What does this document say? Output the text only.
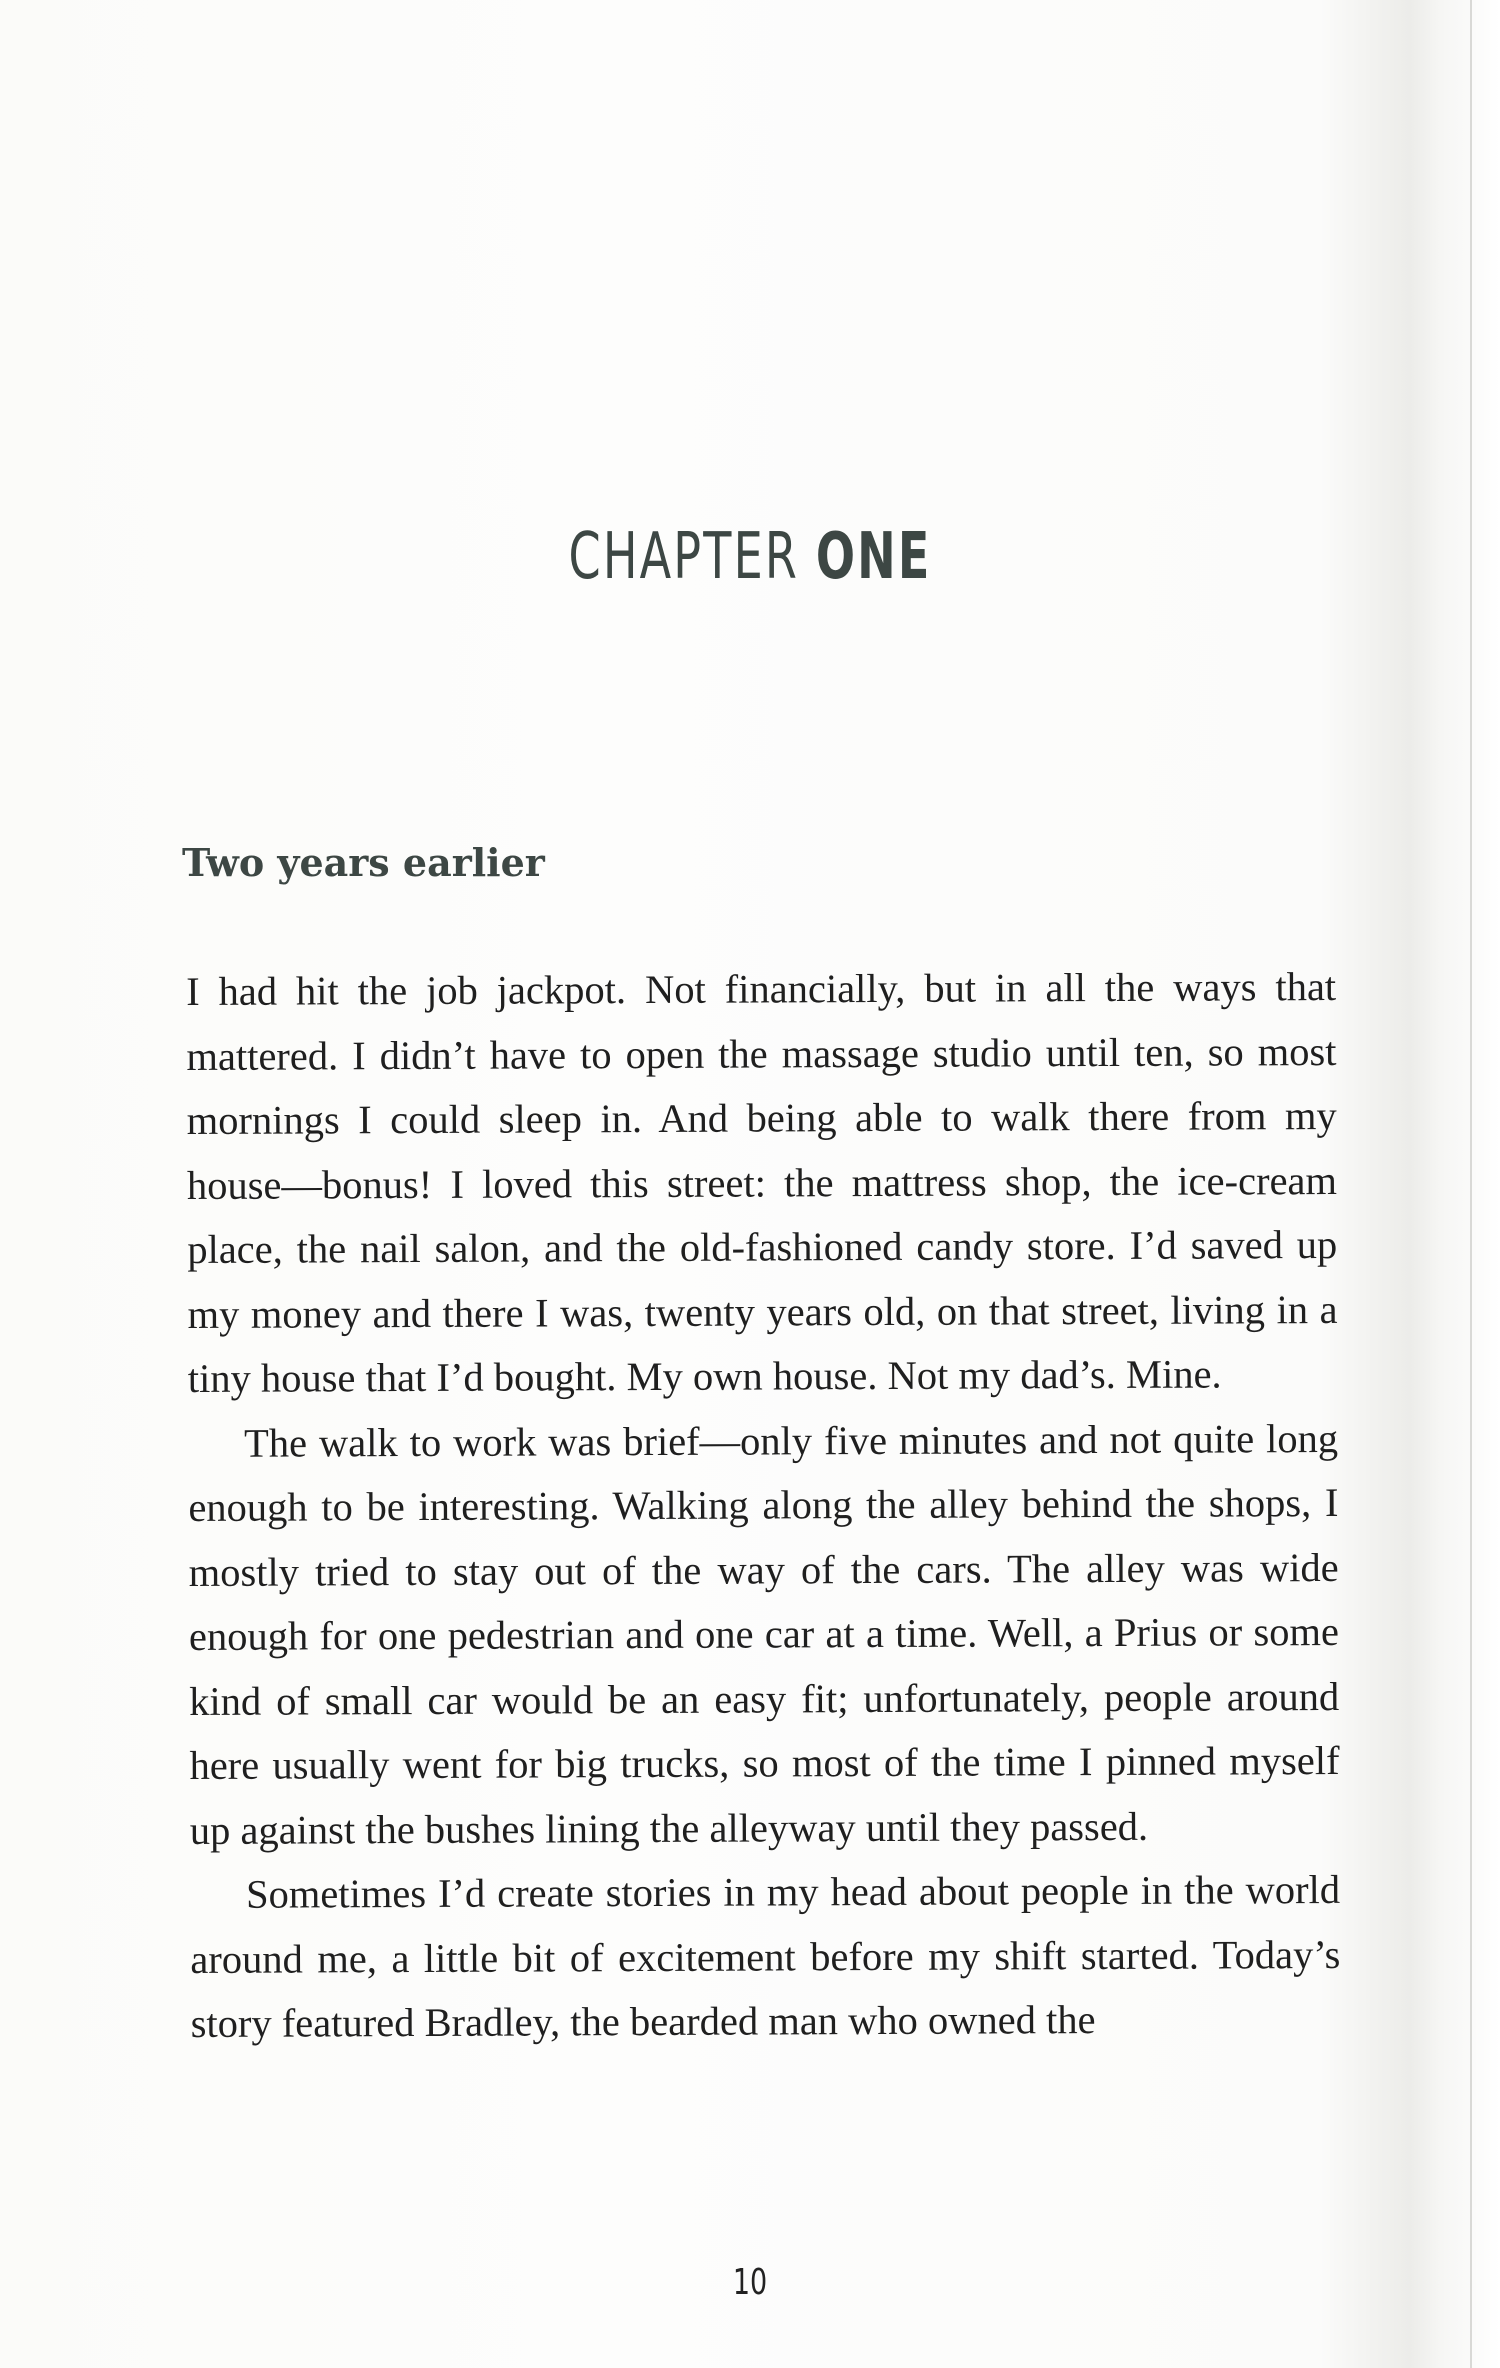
CHAPTER ONE
Two years earlier

I had hit the job jackpot. Not financially, but in all the ways that mattered. I didn’t have to open the massage studio until ten, so most mornings I could sleep in. And being able to walk there from my house—bonus! I loved this street: the mattress shop, the ice-cream place, the nail salon, and the old-fashioned candy store. I’d saved up my money and there I was, twenty years old, on that street, living in a tiny house that I’d bought. My own house. Not my dad’s. Mine.

The walk to work was brief—only five minutes and not quite long enough to be interesting. Walking along the alley behind the shops, I mostly tried to stay out of the way of the cars. The alley was wide enough for one pedestrian and one car at a time. Well, a Prius or some kind of small car would be an easy fit; unfortunately, people around here usually went for big trucks, so most of the time I pinned myself up against the bushes lining the alleyway until they passed.

Sometimes I’d create stories in my head about people in the world around me, a little bit of excitement before my shift started. Today’s story featured Bradley, the bearded man who owned the

10
